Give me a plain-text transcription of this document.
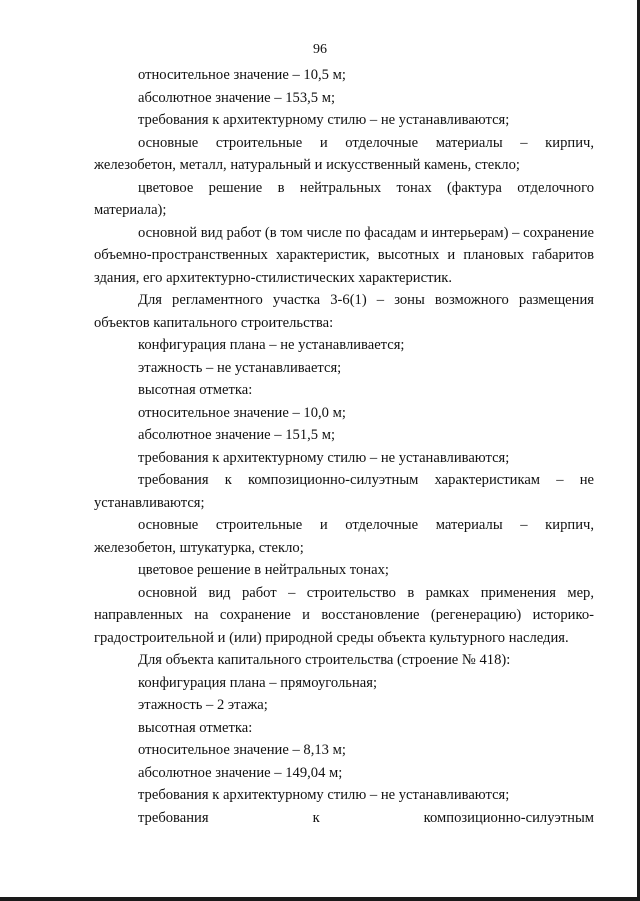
96

относительное значение – 10,5 м;

абсолютное значение – 153,5 м;

требования к архитектурному стилю – не устанавливаются;

основные строительные и отделочные материалы – кирпич, железобетон, металл, натуральный и искусственный камень, стекло;

цветовое решение в нейтральных тонах (фактура отделочного материала);

основной вид работ (в том числе по фасадам и интерьерам) – сохранение объемно-пространственных характеристик, высотных и плановых габаритов здания, его архитектурно-стилистических характеристик.

Для регламентного участка 3-6(1) – зоны возможного размещения объектов капитального строительства:

конфигурация плана – не устанавливается;

этажность – не устанавливается;

высотная отметка:

относительное значение – 10,0 м;

абсолютное значение – 151,5 м;

требования к архитектурному стилю – не устанавливаются;

требования к композиционно-силуэтным характеристикам – не устанавливаются;

основные строительные и отделочные материалы – кирпич, железобетон, штукатурка, стекло;

цветовое решение в нейтральных тонах;

основной вид работ – строительство в рамках применения мер, направленных на сохранение и восстановление (регенерацию) историко-градостроительной и (или) природной среды объекта культурного наследия.

Для объекта капитального строительства (строение № 418):

конфигурация плана – прямоугольная;

этажность – 2 этажа;

высотная отметка:

относительное значение – 8,13 м;

абсолютное значение – 149,04 м;

требования к архитектурному стилю – не устанавливаются;

требования	к	композиционно-силуэтным
